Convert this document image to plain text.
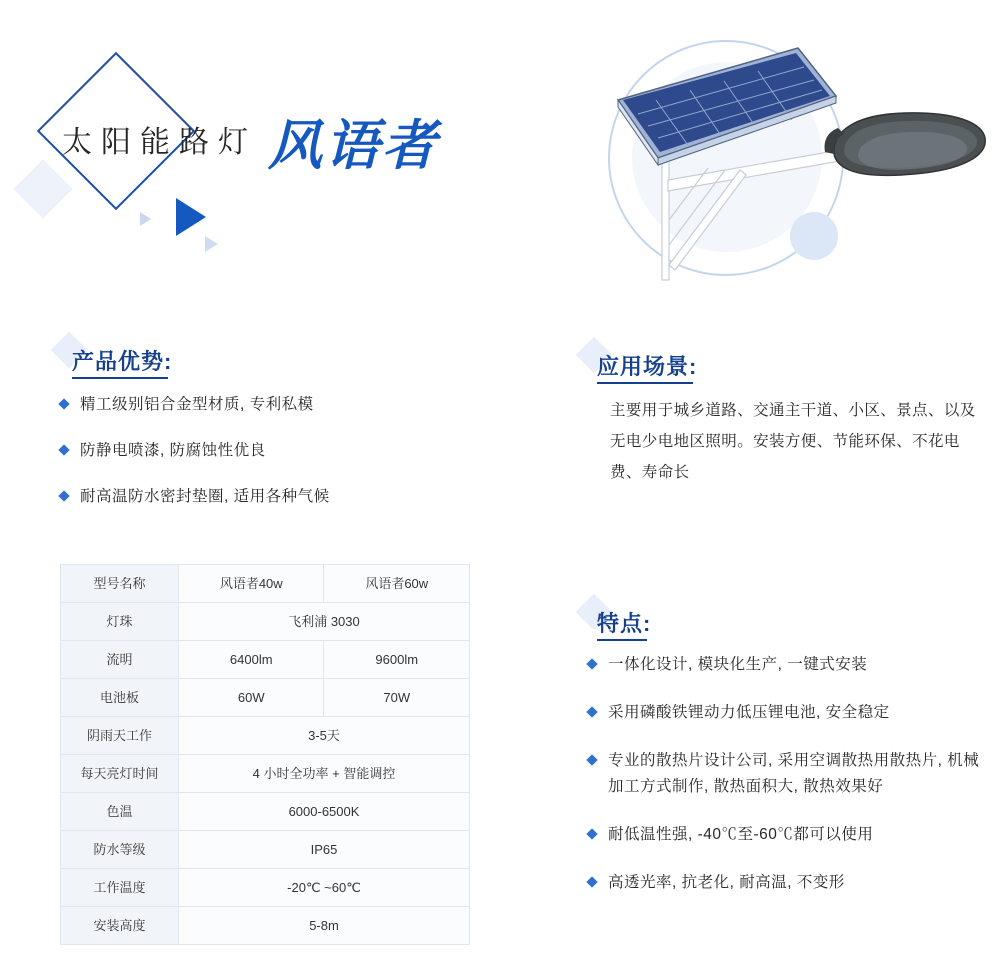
太阳能路灯 风语者
产品优势:
精工级别铝合金型材质, 专利私模
防静电喷漆, 防腐蚀性优良
耐高温防水密封垫圈, 适用各种气候
应用场景:
主要用于城乡道路、交通主干道、小区、景点、以及无电少电地区照明。安装方便、节能环保、不花电费、寿命长
特点:
一体化设计, 模块化生产, 一键式安装
采用磷酸铁锂动力低压锂电池, 安全稳定
专业的散热片设计公司, 采用空调散热用散热片, 机械加工方式制作, 散热面积大, 散热效果好
耐低温性强, -40℃至-60℃都可以使用
高透光率, 抗老化, 耐高温, 不变形
型号名称	风语者40w	风语者60w
灯珠	飞利浦 3030	
流明	6400lm	9600lm
电池板	60W	70W
阴雨天工作	3-5天	
每天亮灯时间	4 小时全功率 + 智能调控	
色温	6000-6500K	
防水等级	IP65	
工作温度	-20℃ ~60℃	
安装高度	5-8m	
